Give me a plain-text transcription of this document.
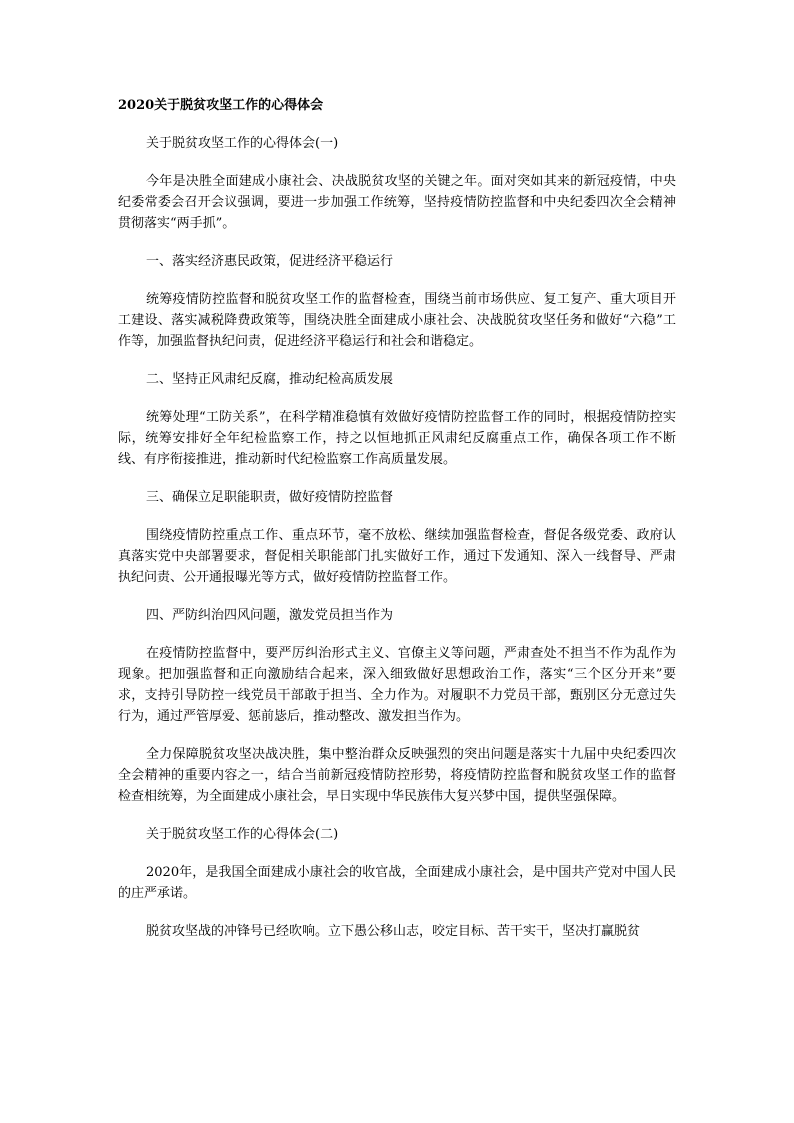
2020关于脱贫攻坚工作的心得体会
关于脱贫攻坚工作的心得体会(一)
今年是决胜全面建成小康社会、决战脱贫攻坚的关键之年。面对突如其来的新冠疫情，中央纪委常委会召开会议强调，要进一步加强工作统筹，坚持疫情防控监督和中央纪委四次全会精神贯彻落实“两手抓”。
一、落实经济惠民政策，促进经济平稳运行
统筹疫情防控监督和脱贫攻坚工作的监督检查，围绕当前市场供应、复工复产、重大项目开工建设、落实减税降费政策等，围绕决胜全面建成小康社会、决战脱贫攻坚任务和做好“六稳”工作等，加强监督执纪问责，促进经济平稳运行和社会和谐稳定。
二、坚持正风肃纪反腐，推动纪检高质发展
统筹处理“工防关系”，在科学精准稳慎有效做好疫情防控监督工作的同时，根据疫情防控实际，统筹安排好全年纪检监察工作，持之以恒地抓正风肃纪反腐重点工作，确保各项工作不断线、有序衔接推进，推动新时代纪检监察工作高质量发展。
三、确保立足职能职责，做好疫情防控监督
围绕疫情防控重点工作、重点环节，毫不放松、继续加强监督检查，督促各级党委、政府认真落实党中央部署要求，督促相关职能部门扎实做好工作，通过下发通知、深入一线督导、严肃执纪问责、公开通报曝光等方式，做好疫情防控监督工作。
四、严防纠治四风问题，激发党员担当作为
在疫情防控监督中，要严厉纠治形式主义、官僚主义等问题，严肃查处不担当不作为乱作为现象。把加强监督和正向激励结合起来，深入细致做好思想政治工作，落实“三个区分开来”要求，支持引导防控一线党员干部敢于担当、全力作为。对履职不力党员干部，甄别区分无意过失行为，通过严管厚爱、惩前毖后，推动整改、激发担当作为。
全力保障脱贫攻坚决战决胜，集中整治群众反映强烈的突出问题是落实十九届中央纪委四次全会精神的重要内容之一，结合当前新冠疫情防控形势，将疫情防控监督和脱贫攻坚工作的监督检查相统筹，为全面建成小康社会，早日实现中华民族伟大复兴梦中国，提供坚强保障。
关于脱贫攻坚工作的心得体会(二)
2020年，是我国全面建成小康社会的收官战，全面建成小康社会，是中国共产党对中国人民的庄严承诺。
脱贫攻坚战的冲锋号已经吹响。立下愚公移山志，咬定目标、苦干实干，坚决打赢脱贫
